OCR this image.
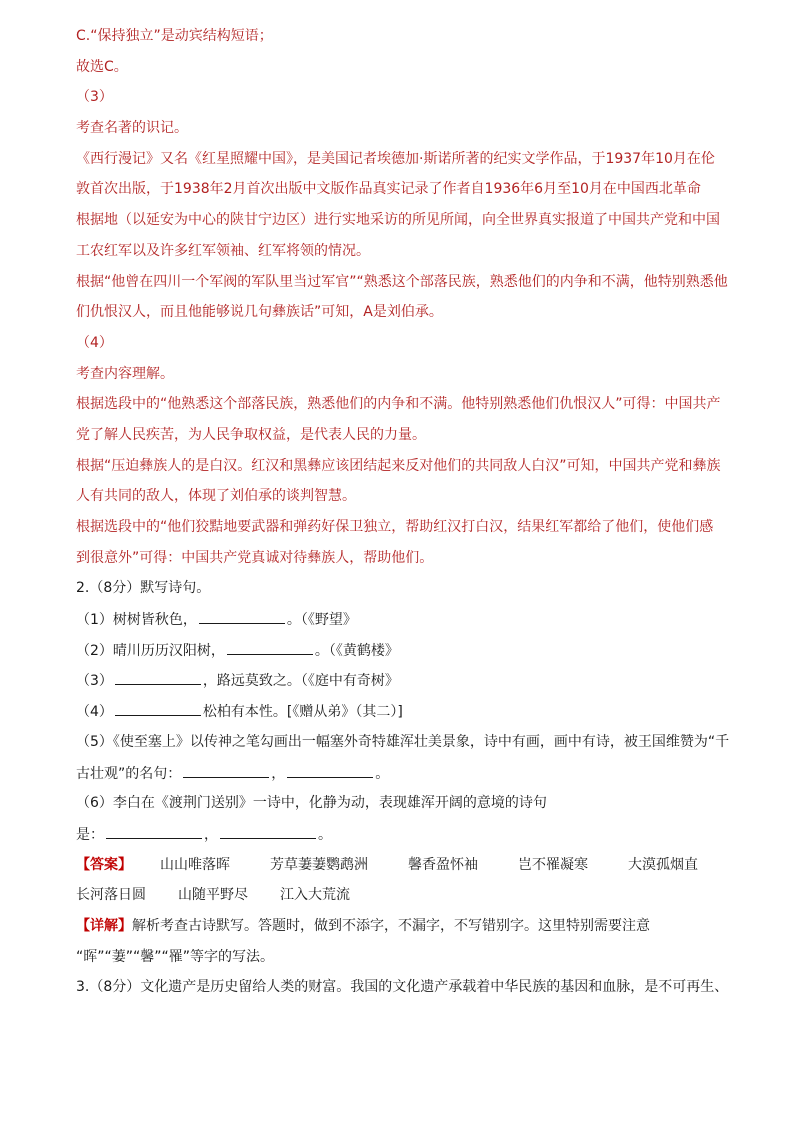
C.“保持独立”是动宾结构短语；
故选C。
（3）
考查名著的识记。
《西行漫记》又名《红星照耀中国》，是美国记者埃德加·斯诺所著的纪实文学作品，于1937年10月在伦
敦首次出版，于1938年2月首次出版中文版作品真实记录了作者自1936年6月至10月在中国西北革命
根据地（以延安为中心的陕甘宁边区）进行实地采访的所见所闻，向全世界真实报道了中国共产党和中国
工农红军以及许多红军领袖、红军将领的情况。
根据“他曾在四川一个军阀的军队里当过军官”“熟悉这个部落民族，熟悉他们的内争和不满，他特别熟悉他
们仇恨汉人，而且他能够说几句彝族话”可知，A是刘伯承。
（4）
考查内容理解。
根据选段中的“他熟悉这个部落民族，熟悉他们的内争和不满。他特别熟悉他们仇恨汉人”可得：中国共产
党了解人民疾苦，为人民争取权益，是代表人民的力量。
根据“压迫彝族人的是白汉。红汉和黑彝应该团结起来反对他们的共同敌人白汉”可知，中国共产党和彝族
人有共同的敌人，体现了刘伯承的谈判智慧。
根据选段中的“他们狡黠地要武器和弹药好保卫独立，帮助红汉打白汉，结果红军都给了他们，使他们感
到很意外”可得：中国共产党真诚对待彝族人，帮助他们。
2.（8分）默写诗句。
（1）树树皆秋色，	。（《野望》
（2）晴川历历汉阳树，	。（《黄鹤楼》
（3）	，路远莫致之。（《庭中有奇树》
（4）	松柏有本性。[《赠从弟》（其二）]
（5）《使至塞上》以传神之笔勾画出一幅塞外奇特雄浑壮美景象，诗中有画，画中有诗，被王国维赞为“千
古壮观”的名句：	，	。
（6）李白在《渡荆门送别》一诗中，化静为动，表现雄浑开阔的意境的诗句
是：	，	。
【答案】 山山唯落晖	芳草萋萋鹦鹉洲	馨香盈怀袖	岂不罹凝寒	大漠孤烟直
长河落日圆 山随平野尽 江入大荒流
【详解】解析考查古诗默写。答题时，做到不添字，不漏字，不写错别字。这里特别需要注意
“晖”“萋”“馨”“罹”等字的写法。
3.（8分）文化遗产是历史留给人类的财富。我国的文化遗产承载着中华民族的基因和血脉，是不可再生、
